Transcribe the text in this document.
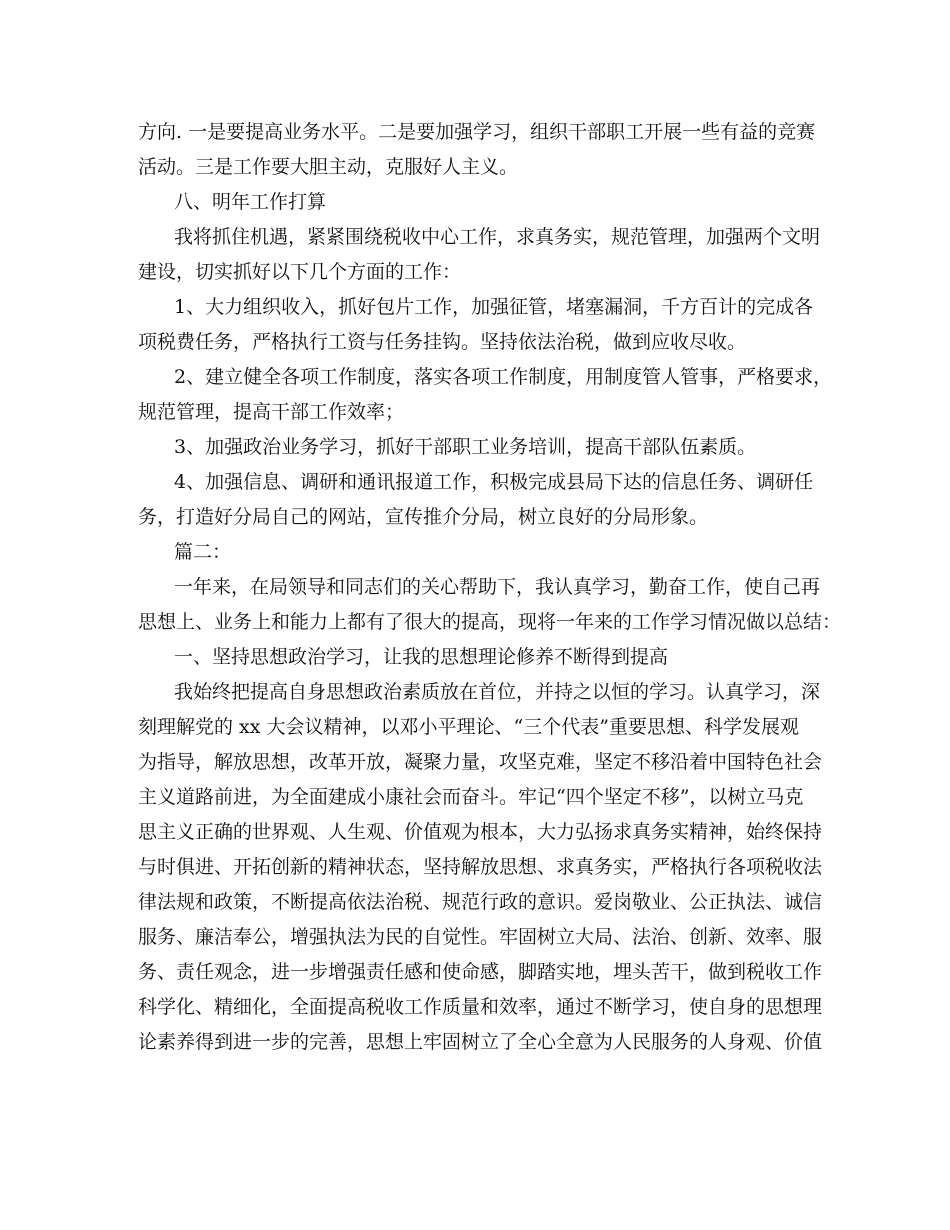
方向. 一是要提高业务水平。二是要加强学习，组织干部职工开展一些有益的竞赛
活动。三是工作要大胆主动，克服好人主义。
八、明年工作打算
我将抓住机遇，紧紧围绕税收中心工作，求真务实，规范管理，加强两个文明
建设，切实抓好以下几个方面的工作：
1、大力组织收入，抓好包片工作，加强征管，堵塞漏洞，千方百计的完成各
项税费任务，严格执行工资与任务挂钩。坚持依法治税，做到应收尽收。
2、建立健全各项工作制度，落实各项工作制度，用制度管人管事，严格要求，
规范管理，提高干部工作效率；
3、加强政治业务学习，抓好干部职工业务培训，提高干部队伍素质。
4、加强信息、调研和通讯报道工作，积极完成县局下达的信息任务、调研任
务，打造好分局自己的网站，宣传推介分局，树立良好的分局形象。
篇二：
一年来，在局领导和同志们的关心帮助下，我认真学习，勤奋工作，使自己再
思想上、业务上和能力上都有了很大的提高，现将一年来的工作学习情况做以总结：
一、坚持思想政治学习，让我的思想理论修养不断得到提高
我始终把提高自身思想政治素质放在首位，并持之以恒的学习。认真学习，深
刻理解党的 xx 大会议精神，以邓小平理论、“三个代表”重要思想、科学发展观
为指导，解放思想，改革开放，凝聚力量，攻坚克难，坚定不移沿着中国特色社会
主义道路前进，为全面建成小康社会而奋斗。牢记“四个坚定不移”，以树立马克
思主义正确的世界观、人生观、价值观为根本，大力弘扬求真务实精神，始终保持
与时俱进、开拓创新的精神状态，坚持解放思想、求真务实，严格执行各项税收法
律法规和政策，不断提高依法治税、规范行政的意识。爱岗敬业、公正执法、诚信
服务、廉洁奉公，增强执法为民的自觉性。牢固树立大局、法治、创新、效率、服
务、责任观念，进一步增强责任感和使命感，脚踏实地，埋头苦干，做到税收工作
科学化、精细化，全面提高税收工作质量和效率，通过不断学习，使自身的思想理
论素养得到进一步的完善，思想上牢固树立了全心全意为人民服务的人身观、价值
